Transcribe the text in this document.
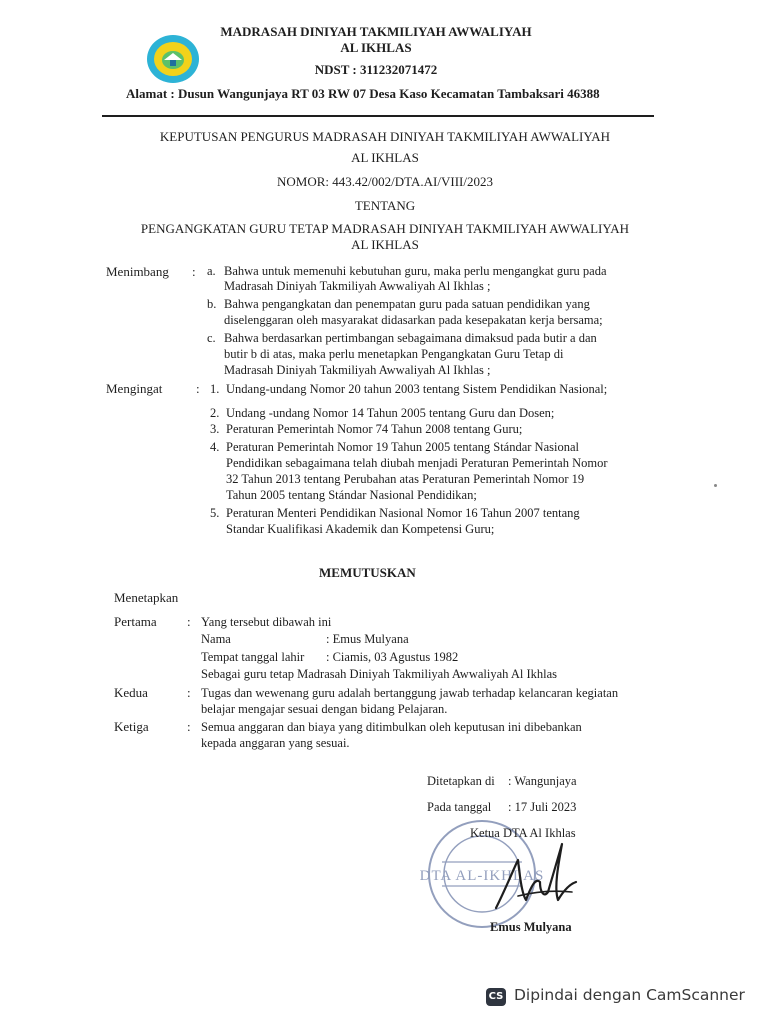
MADRASAH DINIYAH TAKMILIYAH AWWALIYAH
AL IKHLAS
NDST : 311232071472
Alamat : Dusun Wangunjaya RT 03 RW 07 Desa Kaso Kecamatan Tambaksari 46388
KEPUTUSAN PENGURUS MADRASAH DINIYAH TAKMILIYAH AWWALIYAH
AL IKHLAS
NOMOR: 443.42/002/DTA.AI/VIII/2023
TENTANG
PENGANGKATAN GURU TETAP MADRASAH DINIYAH TAKMILIYAH AWWALIYAH
AL IKHLAS
Menimbang : a. Bahwa untuk memenuhi kebutuhan guru, maka perlu mengangkat guru pada
Madrasah Diniyah Takmiliyah Awwaliyah Al Ikhlas ;
b. Bahwa pengangkatan dan penempatan guru pada satuan pendidikan yang
diselenggaran oleh masyarakat didasarkan pada kesepakatan kerja bersama;
c. Bahwa berdasarkan pertimbangan sebagaimana dimaksud pada butir a dan
butir b di atas, maka perlu menetapkan Pengangkatan Guru Tetap di
Madrasah Diniyah Takmiliyah Awwaliyah Al Ikhlas ;
Mengingat	: 1. Undang-undang Nomor 20 tahun 2003 tentang Sistem Pendidikan Nasional;
2. Undang -undang Nomor 14 Tahun 2005 tentang Guru dan Dosen;
3. Peraturan Pemerintah Nomor 74 Tahun 2008 tentang Guru;
4. Peraturan Pemerintah Nomor 19 Tahun 2005 tentang Stándar Nasional
Pendidikan sebagaimana telah diubah menjadi Peraturan Pemerintah Nomor
32 Tahun 2013 tentang Perubahan atas Peraturan Pemerintah Nomor 19
Tahun 2005 tentang Stándar Nasional Pendidikan;
5. Peraturan Menteri Pendidikan Nasional Nomor 16 Tahun 2007 tentang
Standar Kualifikasi Akademik dan Kompetensi Guru;
MEMUTUSKAN
Menetapkan
Pertama : Yang tersebut dibawah ini
Nama	: Emus Mulyana
Tempat tanggal lahir : Ciamis, 03 Agustus 1982
Sebagai guru tetap Madrasah Diniyah Takmiliyah Awwaliyah Al Ikhlas
Kedua	: Tugas dan wewenang guru adalah bertanggung jawab terhadap kelancaran kegiatan
belajar mengajar sesuai dengan bidang Pelajaran.
Ketiga	: Semua anggaran dan biaya yang ditimbulkan oleh keputusan ini dibebankan
kepada anggaran yang sesuai.
Ditetapkan di : Wangunjaya
Pada tanggal : 17 Juli 2023
DTA AL-IKHLAS
Ketua DTA Al Ikhlas
Emus Mulyana
CS Dipindai dengan CamScanner
